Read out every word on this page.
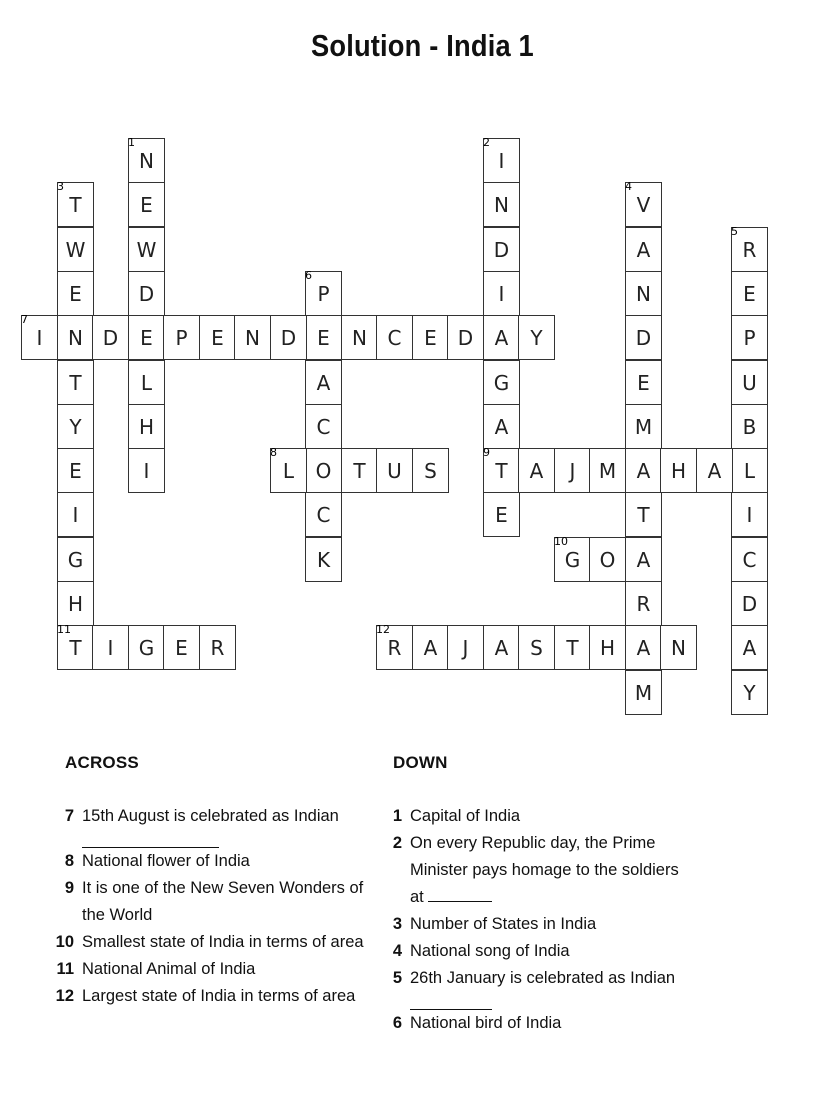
Solution - India 1
1
N
E
W
D
E
L
H
I
2
I
N
D
I
A
G
A
9
T
E
3
T
W
E
N
T
Y
E
I
G
H
11
T
4
V
A
N
D
E
M
A
T
A
R
A
M
5
R
E
P
U
B
L
I
C
D
A
Y
6
P
E
A
C
O
C
K
7
I	D	P	E	N	D	N	C	E	D	Y
8
L	T	U	S	A	J	M	H	A
10
G O
I	G	E	R
12
R	A	J	A	S	T	H	N
ACROSS	DOWN
7 15th August is celebrated as Indian
8 National flower of India
9 It is one of the New Seven Wonders of the World
10 Smallest state of India in terms of area
11 National Animal of India
12 Largest state of India in terms of area
1 Capital of India
2 On every Republic day, the Prime Minister pays homage to the soldiers at
3 Number of States in India
4 National song of India
5 26th January is celebrated as Indian
6 National bird of India
